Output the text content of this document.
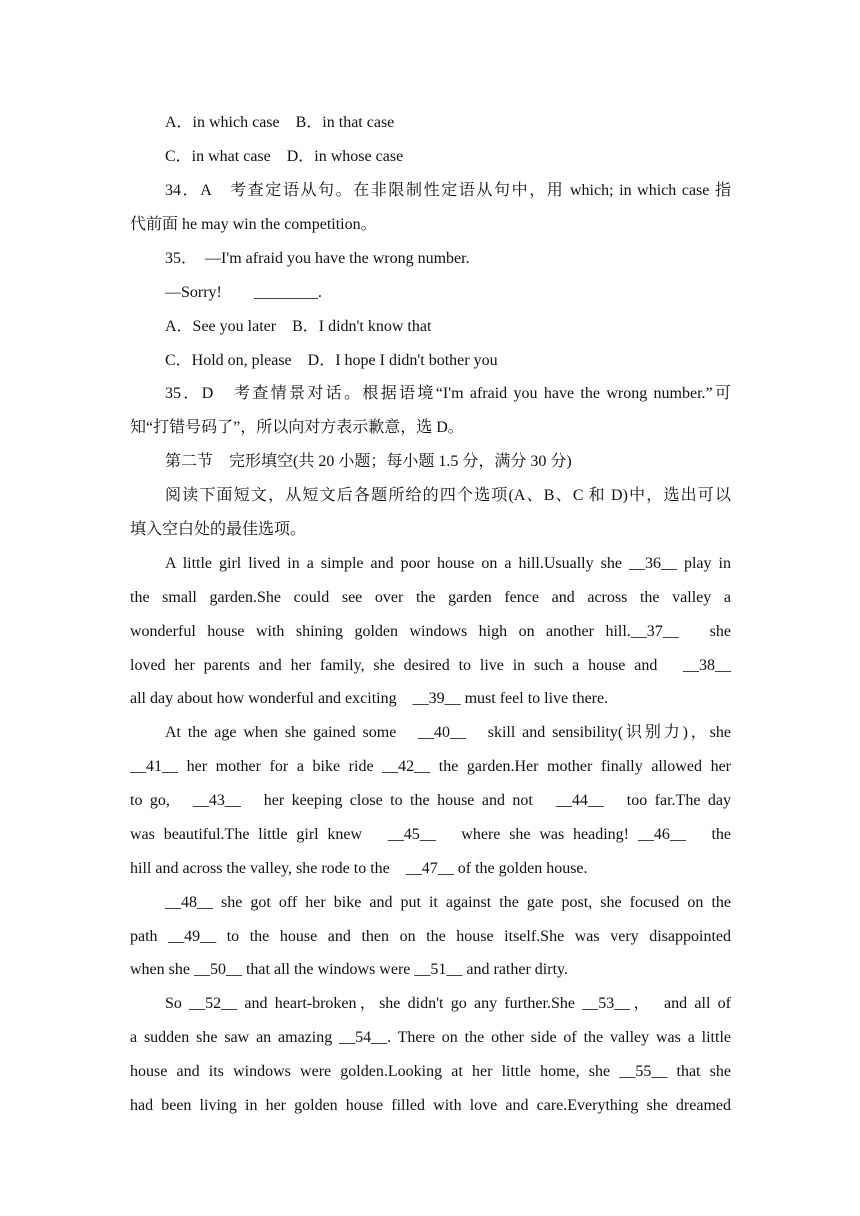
A．in which case　B．in that case
C．in what case　D．in whose case
34．A　考查定语从句。在非限制性定语从句中，用 which; in which case 指
代前面 he may win the competition。
35．　—I'm afraid you have the wrong number.
—Sorry!　　________.
A．See you later　B．I didn't know that
C．Hold on, please　D．I hope I didn't bother you
35．D　考查情景对话。根据语境“I'm afraid you have the wrong number.”可
知“打错号码了”，所以向对方表示歉意，选 D。
第二节　完形填空(共 20 小题；每小题 1.5 分，满分 30 分)
阅读下面短文，从短文后各题所给的四个选项(A、B、C 和 D)中，选出可以
填入空白处的最佳选项。
A little girl lived in a simple and poor house on a hill.Usually she __36__ play in
the small garden.She could see over the garden fence and across the valley a
wonderful house with shining golden windows high on another hill.__37__　she
loved her parents and her family, she desired to live in such a house and　__38__
all day about how wonderful and exciting　__39__ must feel to live there.
At the age when she gained some　__40__　skill and sensibility(识别力)，she
__41__ her mother for a bike ride __42__ the garden.Her mother finally allowed her
to go,　__43__　her keeping close to the house and not　__44__　too far.The day
was beautiful.The little girl knew　__45__　where she was heading! __46__　the
hill and across the valley, she rode to the　__47__ of the golden house.
__48__ she got off her bike and put it against the gate post, she focused on the
path __49__ to the house and then on the house itself.She was very disappointed
when she __50__ that all the windows were __51__ and rather dirty.
So __52__ and heart-broken，she didn't go any further.She __53__，　and all of
a sudden she saw an amazing __54__. There on the other side of the valley was a little
house and its windows were golden.Looking at her little home, she __55__ that she
had been living in her golden house filled with love and care.Everything she dreamed
